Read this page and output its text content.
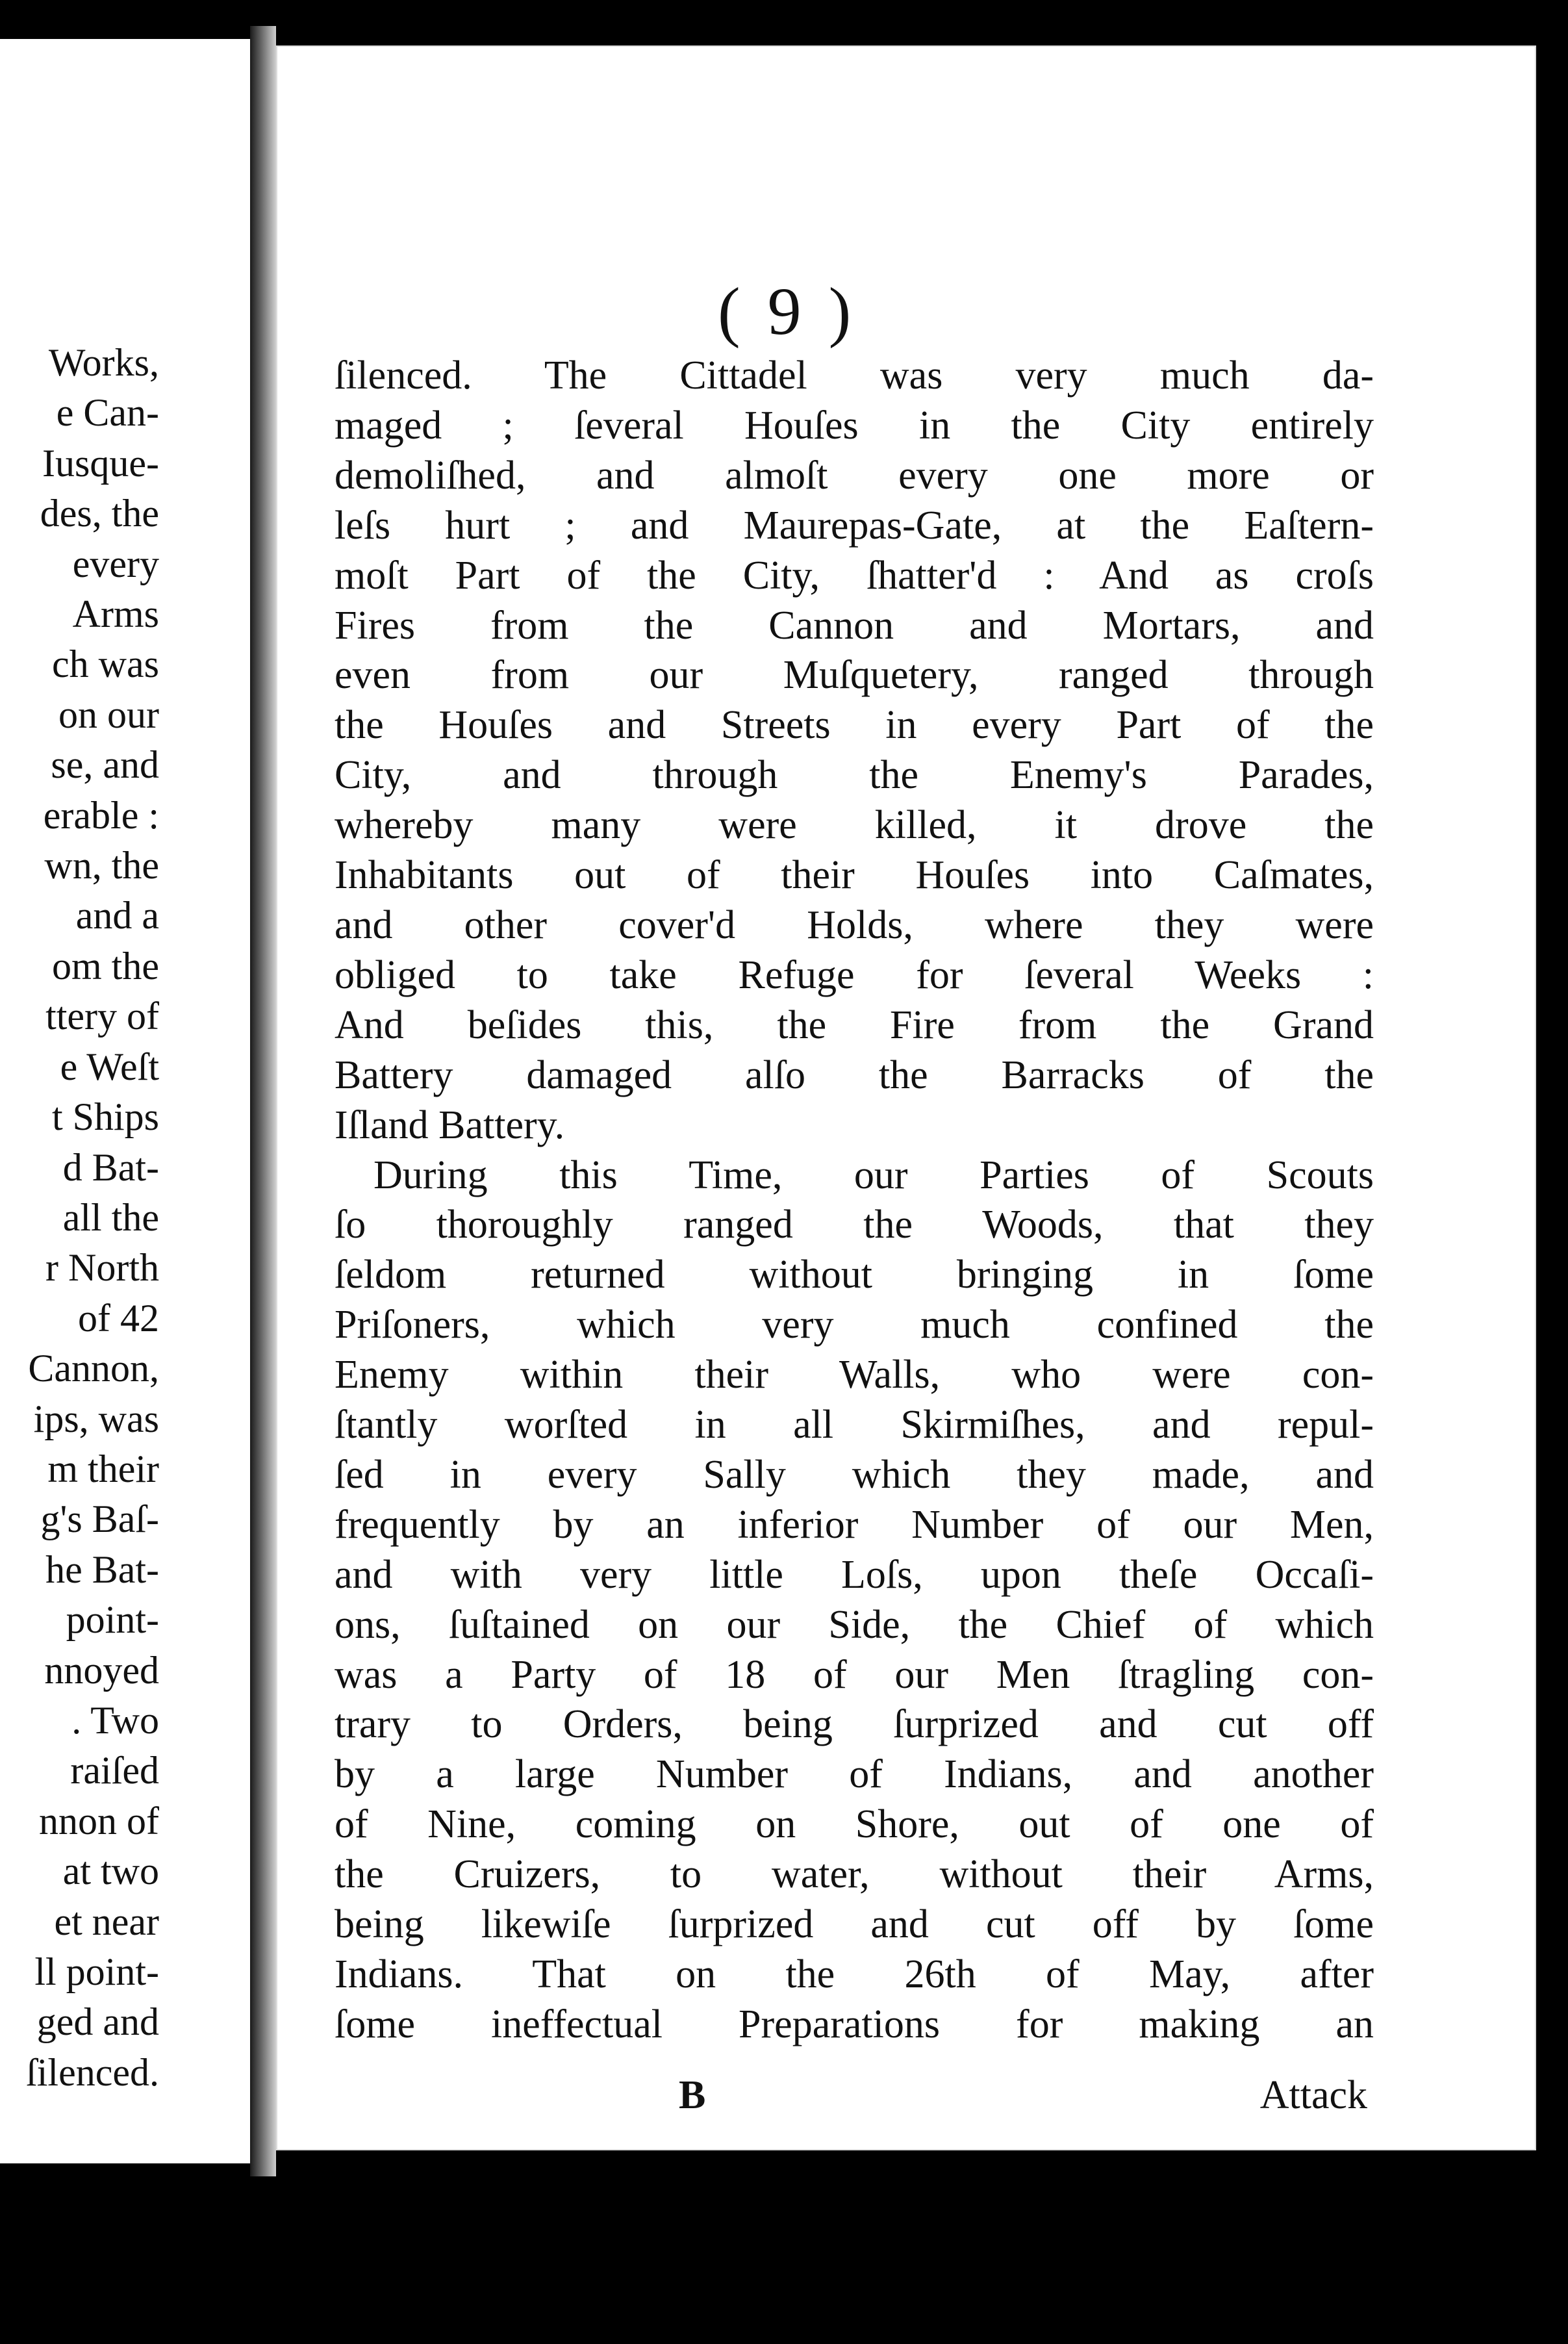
Works,
e Can-
Iusque-
des, the
every
Arms
ch was
on our
se, and
erable :
wn, the
and a
om the
ttery of
e Weſt
t Ships
d Bat-
all the
r North
of 42
Cannon,
ips, was
m their
g's Baſ-
he Bat-
point-
nnoyed
. Two
raiſed
nnon of
at two
et near
ll point-
ged and
ſilenced.
( 9 )
ſilenced. The Cittadel was very much da-
maged ; ſeveral Houſes in the City entirely
demoliſhed, and almoſt every one more or
leſs hurt ; and Maurepas-Gate, at the Eaſtern-
moſt Part of the City, ſhatter'd : And as croſs
Fires from the Cannon and Mortars, and
even from our Muſquetery, ranged through
the Houſes and Streets in every Part of the
City, and through the Enemy's Parades,
whereby many were killed, it drove the
Inhabitants out of their Houſes into Caſmates,
and other cover'd Holds, where they were
obliged to take Refuge for ſeveral Weeks :
And beſides this, the Fire from the Grand
Battery damaged alſo the Barracks of the
Iſland Battery.
During this Time, our Parties of Scouts
ſo thoroughly ranged the Woods, that they
ſeldom returned without bringing in ſome
Priſoners, which very much confined the
Enemy within their Walls, who were con-
ſtantly worſted in all Skirmiſhes, and repul-
ſed in every Sally which they made, and
frequently by an inferior Number of our Men,
and with very little Loſs, upon theſe Occaſi-
ons, ſuſtained on our Side, the Chief of which
was a Party of 18 of our Men ſtragling con-
trary to Orders, being ſurprized and cut off
by a large Number of Indians, and another
of Nine, coming on Shore, out of one of
the Cruizers, to water, without their Arms,
being likewiſe ſurprized and cut off by ſome
Indians. That on the 26th of May, after
ſome ineffectual Preparations for making an
B	Attack
